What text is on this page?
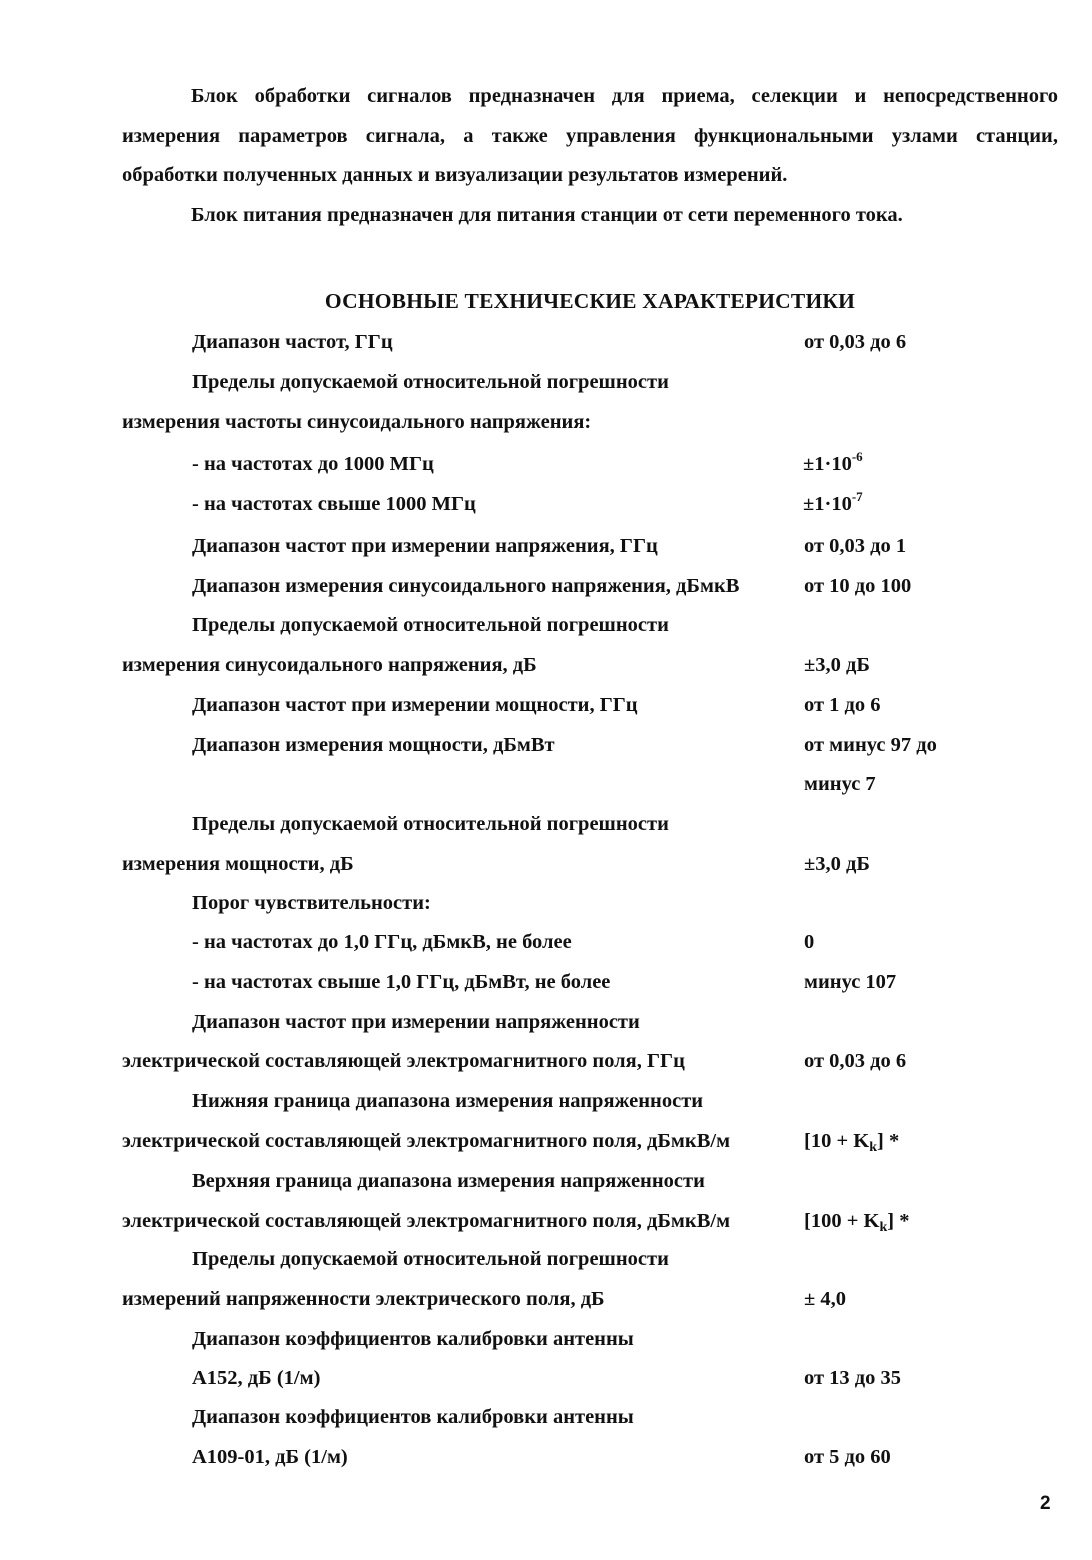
Блок обработки сигналов предназначен для приема, селекции и непосредственного
измерения параметров сигнала, а также управления функциональными узлами станции,
обработки полученных данных и визуализации результатов измерений.
Блок питания предназначен для питания станции от сети переменного тока.
ОСНОВНЫЕ ТЕХНИЧЕСКИЕ ХАРАКТЕРИСТИКИ
Диапазон частот, ГГц	от 0,03 до 6
Пределы допускаемой относительной погрешности
измерения частоты синусоидального напряжения:
- на частотах до 1000 МГц	$\pm 1\cdot 10^{-6}$
- на частотах свыше 1000 МГц	$\pm 1\cdot 10^{-7}$
Диапазон частот при измерении напряжения, ГГц	от 0,03 до 1
Диапазон измерения синусоидального напряжения, дБмкВ	от 10 до 100
Пределы допускаемой относительной погрешности
измерения синусоидального напряжения, дБ	±3,0 дБ
Диапазон частот при измерении мощности, ГГц	от 1 до 6
Диапазон измерения мощности, дБмВт	от минус 97 до
минус 7
Пределы допускаемой относительной погрешности
измерения мощности, дБ	±3,0 дБ
Порог чувствительности:
- на частотах до 1,0 ГГц, дБмкВ, не более	0
- на частотах свыше 1,0 ГГц, дБмВт, не более	минус 107
Диапазон частот при измерении напряженности
электрической составляющей электромагнитного поля, ГГц	от 0,03 до 6
Нижняя граница диапазона измерения напряженности
электрической составляющей электромагнитного поля, дБмкВ/м	$[10 + K_k]$ *
Верхняя граница диапазона измерения напряженности
электрической составляющей электромагнитного поля, дБмкВ/м	$[100 + K_k]$ *
Пределы допускаемой относительной погрешности
измерений напряженности электрического поля, дБ	± 4,0
Диапазон коэффициентов калибровки антенны
А152, дБ (1/м)	от 13 до 35
Диапазон коэффициентов калибровки антенны
А109-01, дБ (1/м)	от 5 до 60
2
